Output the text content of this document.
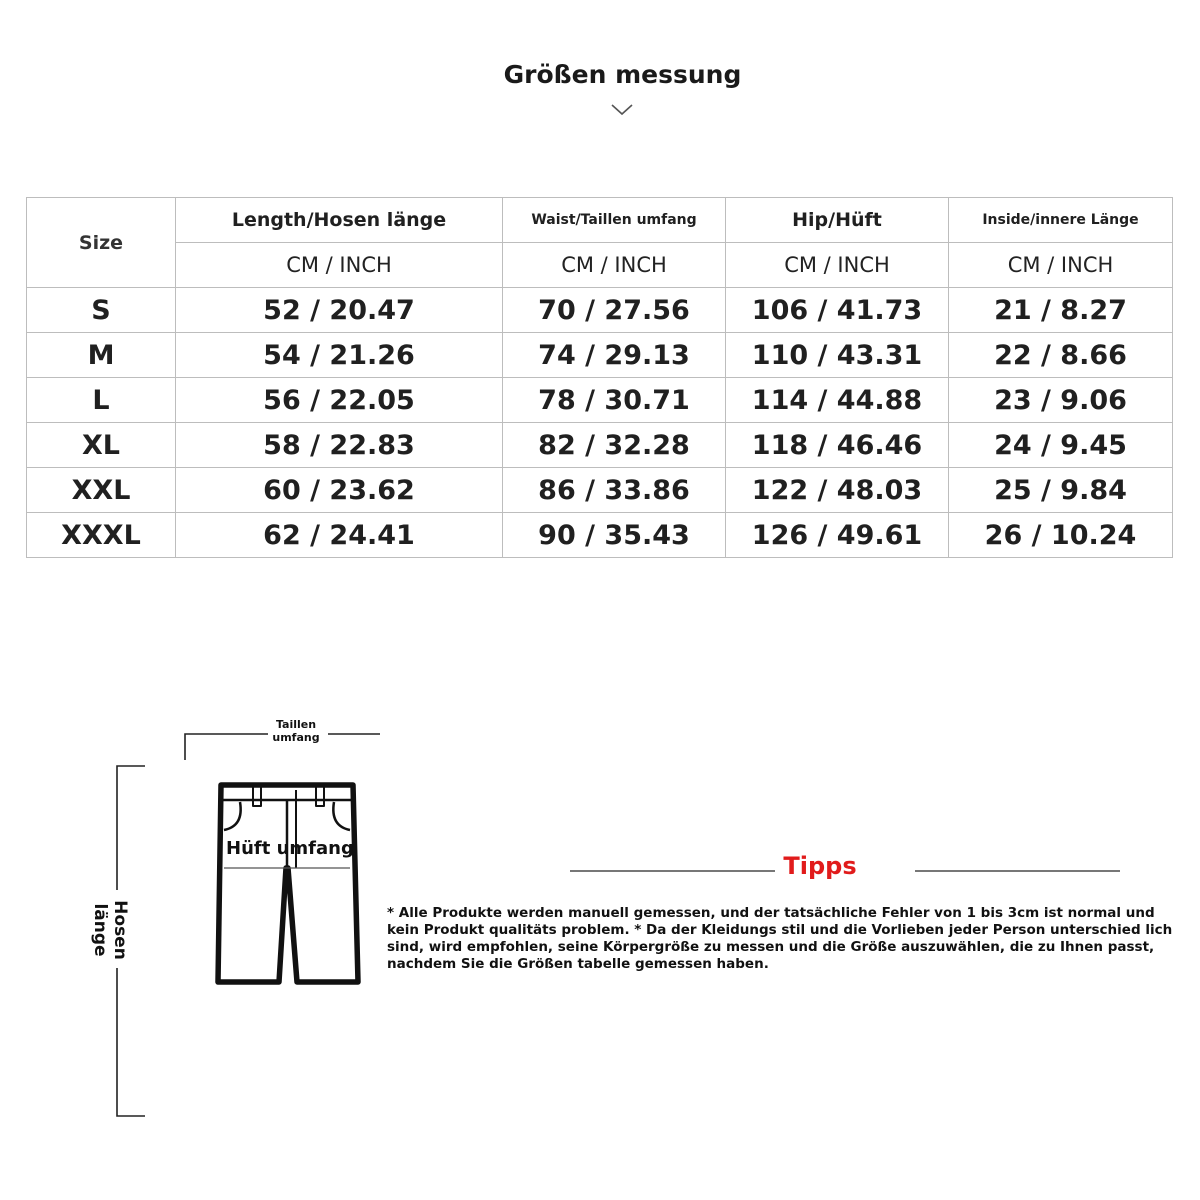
Größen messung
Size	Length/Hosen länge	Waist/Taillen umfang	Hip/Hüft	Inside/innere Länge
	CM / INCH	CM / INCH	CM / INCH	CM / INCH
S	52 / 20.47	70 / 27.56	106 / 41.73	21 / 8.27
M	54 / 21.26	74 / 29.13	110 / 43.31	22 / 8.66
L	56 / 22.05	78 / 30.71	114 / 44.88	23 / 9.06
XL	58 / 22.83	82 / 32.28	118 / 46.46	24 / 9.45
XXL	60 / 23.62	86 / 33.86	122 / 48.03	25 / 9.84
XXXL	62 / 24.41	90 / 35.43	126 / 49.61	26 / 10.24
Taillen umfang
Hüft umfang
Hosen länge
Tipps
* Alle Produkte werden manuell gemessen, und der tatsächliche Fehler von 1 bis 3cm ist normal und kein Produkt qualitäts problem. * Da der Kleidungs stil und die Vorlieben jeder Person unterschied lich sind, wird empfohlen, seine Körpergröße zu messen und die Größe auszuwählen, die zu Ihnen passt, nachdem Sie die Größen tabelle gemessen haben.
